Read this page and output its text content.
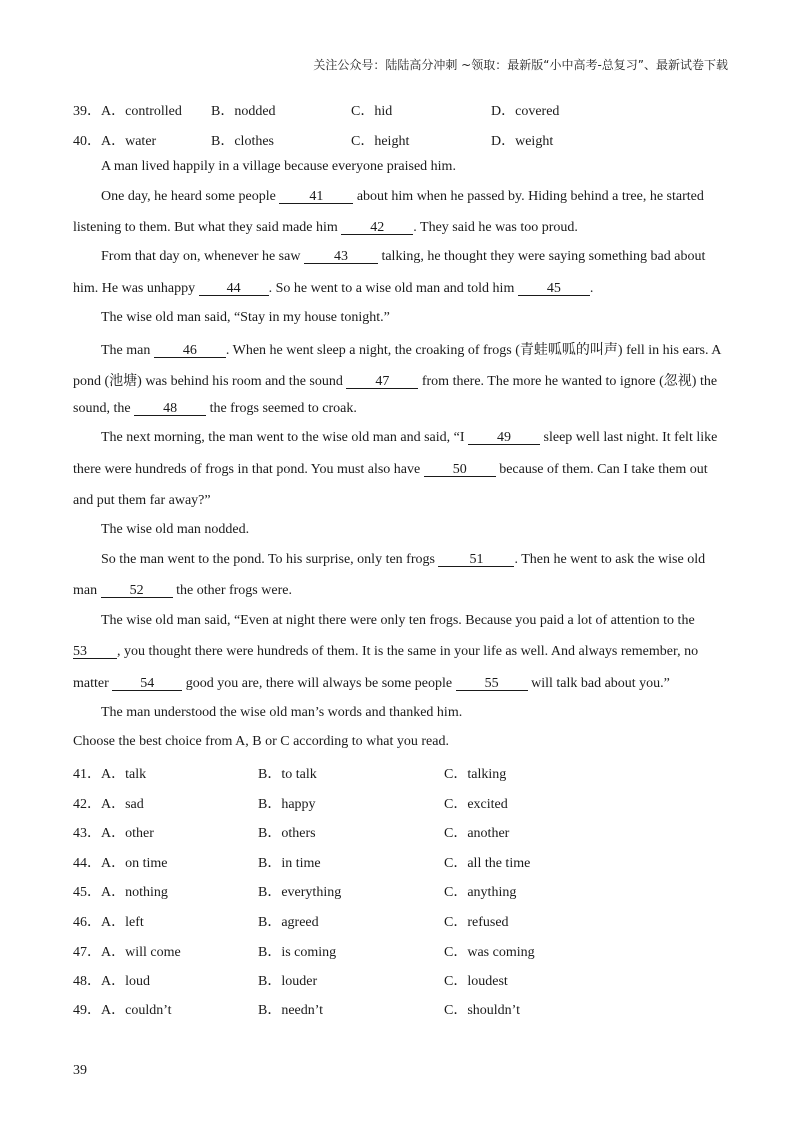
关注公众号：陆陆高分冲刺 ~领取：最新版“小中高考-总复习”、最新试卷下载
39． A．controlled B．nodded	C．hid	D．covered
40． A．water	B．clothes	C．height	D．weight
A man lived happily in a village because everyone praised him.
One day, he heard some people 41 about him when he passed by. Hiding behind a tree, he started
listening to them. But what they said made him 42 . They said he was too proud.
From that day on, whenever he saw 43 talking, he thought they were saying something bad about
him. He was unhappy 44 . So he went to a wise old man and told him 45 .
The wise old man said, “Stay in my house tonight.”
The man 46 . When he went sleep a night, the croaking of frogs (青蛙呱呱的叫声) fell in his ears. A
pond (池塘) was behind his room and the sound 47 from there. The more he wanted to ignore (忽视) the
sound, the 48 the frogs seemed to croak.
The next morning, the man went to the wise old man and said, “I 49 sleep well last night. It felt like
there were hundreds of frogs in that pond. You must also have 50 because of them. Can I take them out
and put them far away?”
The wise old man nodded.
So the man went to the pond. To his surprise, only ten frogs 51 . Then he went to ask the wise old
man 52 the other frogs were.
The wise old man said, “Even at night there were only ten frogs. Because you paid a lot of attention to the
53 , you thought there were hundreds of them. It is the same in your life as well. And always remember, no
matter 54 good you are, there will always be some people 55 will talk bad about you.”
The man understood the wise old man’s words and thanked him.
Choose the best choice from A, B or C according to what you read.
41． A．talk	B．to talk	C．talking
42． A．sad	B．happy	C．excited
43． A．other	B．others	C．another
44． A．on time	B．in time	C．all the time
45． A．nothing	B．everything	C．anything
46． A．left	B．agreed	C．refused
47． A．will come	B．is coming	C．was coming
48． A．loud	B．louder	C．loudest
49． A．couldn’t	B．needn’t	C．shouldn’t
39
